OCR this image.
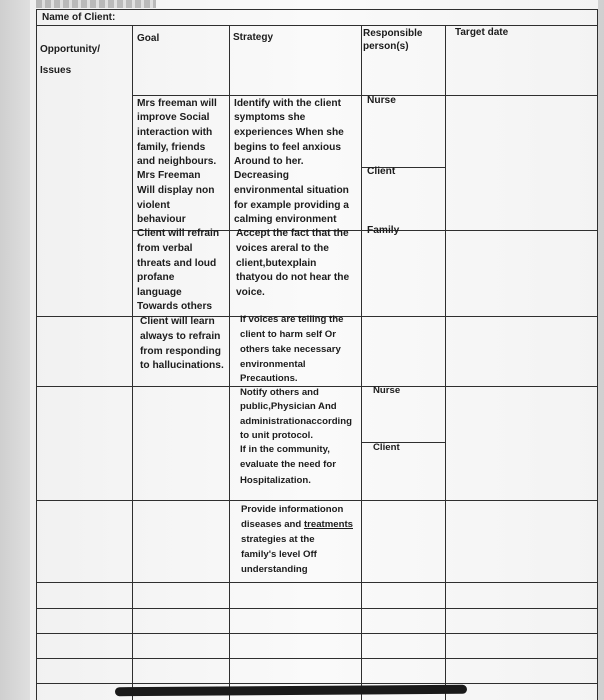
Name of Client:
Opportunity/
Issues
Goal	Strategy	Responsible
person(s)
Target date
Mrs freeman will
improve Social
interaction with
family, friends
and neighbours.
Mrs Freeman
Will display non
violent
behaviour
Client will refrain
from verbal
threats and loud
profane
language
Towards others
Client will learn
always to refrain
from responding
to hallucinations.
Identify with the client
symptoms she
experiences When she
begins to feel anxious
Around to her.
Decreasing
environmental situation
for example providing a
calming environment
Accept the fact that the
voices areral to the
client,butexplain
thatyou do not hear the
voice.
If voices are telling the
client to harm self Or
others take necessary
environmental
Precautions.
Notify others and
public,Physician And
administrationaccording
to unit protocol.
If in the community,
evaluate the need for
Hospitalization.
Provide informationon
diseases and treatments
strategies at the
family's level Off
understanding
Nurse
Client
Family
Nurse
Client
